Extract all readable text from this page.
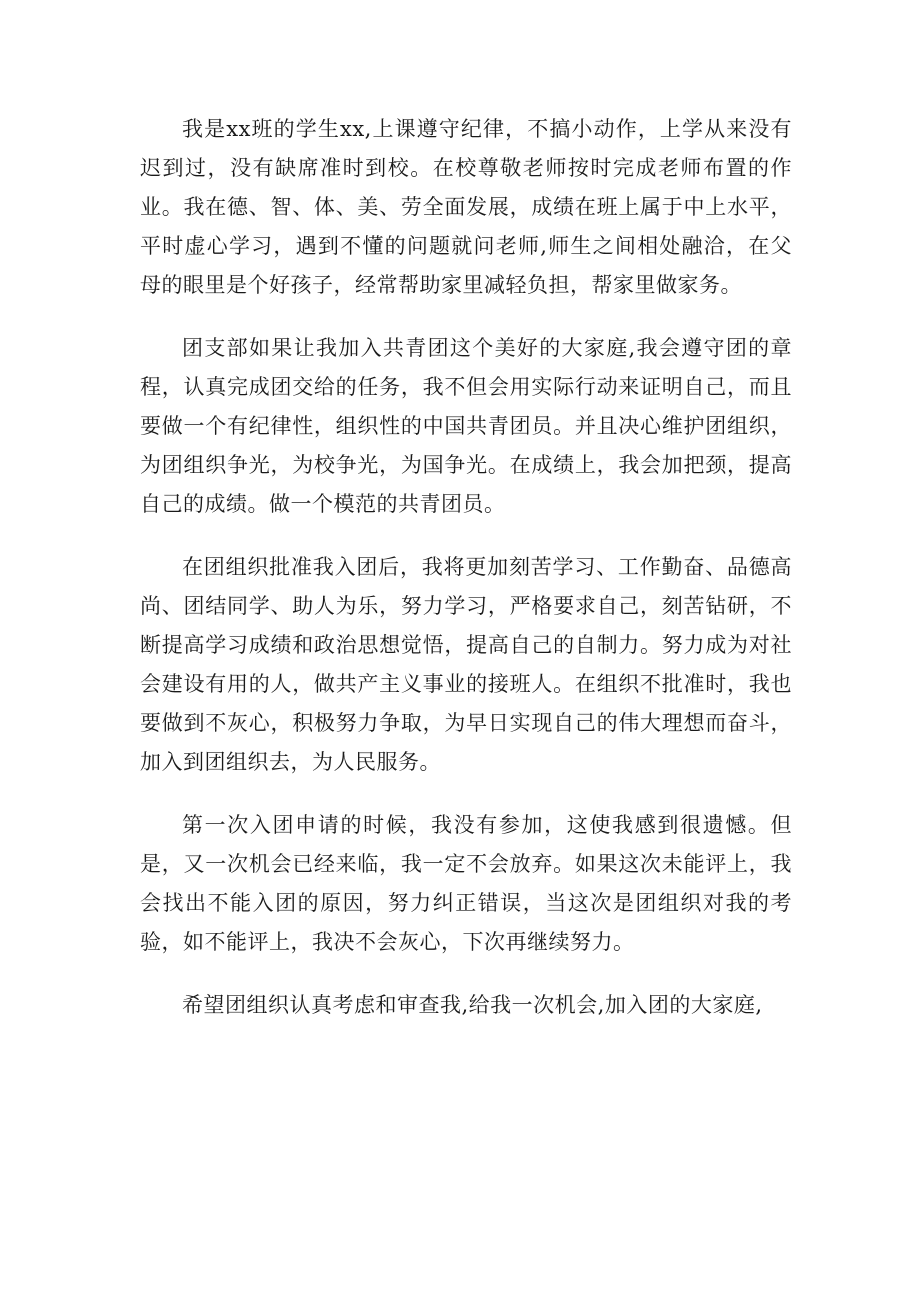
我是xx班的学生xx,上课遵守纪律，不搞小动作，上学从来没有迟到过，没有缺席准时到校。在校尊敬老师按时完成老师布置的作业。我在德、智、体、美、劳全面发展，成绩在班上属于中上水平，平时虚心学习，遇到不懂的问题就问老师,师生之间相处融洽，在父母的眼里是个好孩子，经常帮助家里减轻负担，帮家里做家务。

团支部如果让我加入共青团这个美好的大家庭,我会遵守团的章程，认真完成团交给的任务，我不但会用实际行动来证明自己，而且要做一个有纪律性，组织性的中国共青团员。并且决心维护团组织，为团组织争光，为校争光，为国争光。在成绩上，我会加把颈，提高自己的成绩。做一个模范的共青团员。

在团组织批准我入团后，我将更加刻苦学习、工作勤奋、品德高尚、团结同学、助人为乐，努力学习，严格要求自己，刻苦钻研，不断提高学习成绩和政治思想觉悟，提高自己的自制力。努力成为对社会建设有用的人，做共产主义事业的接班人。在组织不批准时，我也要做到不灰心，积极努力争取，为早日实现自己的伟大理想而奋斗，加入到团组织去，为人民服务。

第一次入团申请的时候，我没有参加，这使我感到很遗憾。但是，又一次机会已经来临，我一定不会放弃。如果这次未能评上，我会找出不能入团的原因，努力纠正错误，当这次是团组织对我的考验，如不能评上，我决不会灰心，下次再继续努力。

希望团组织认真考虑和审查我,给我一次机会,加入团的大家庭,
